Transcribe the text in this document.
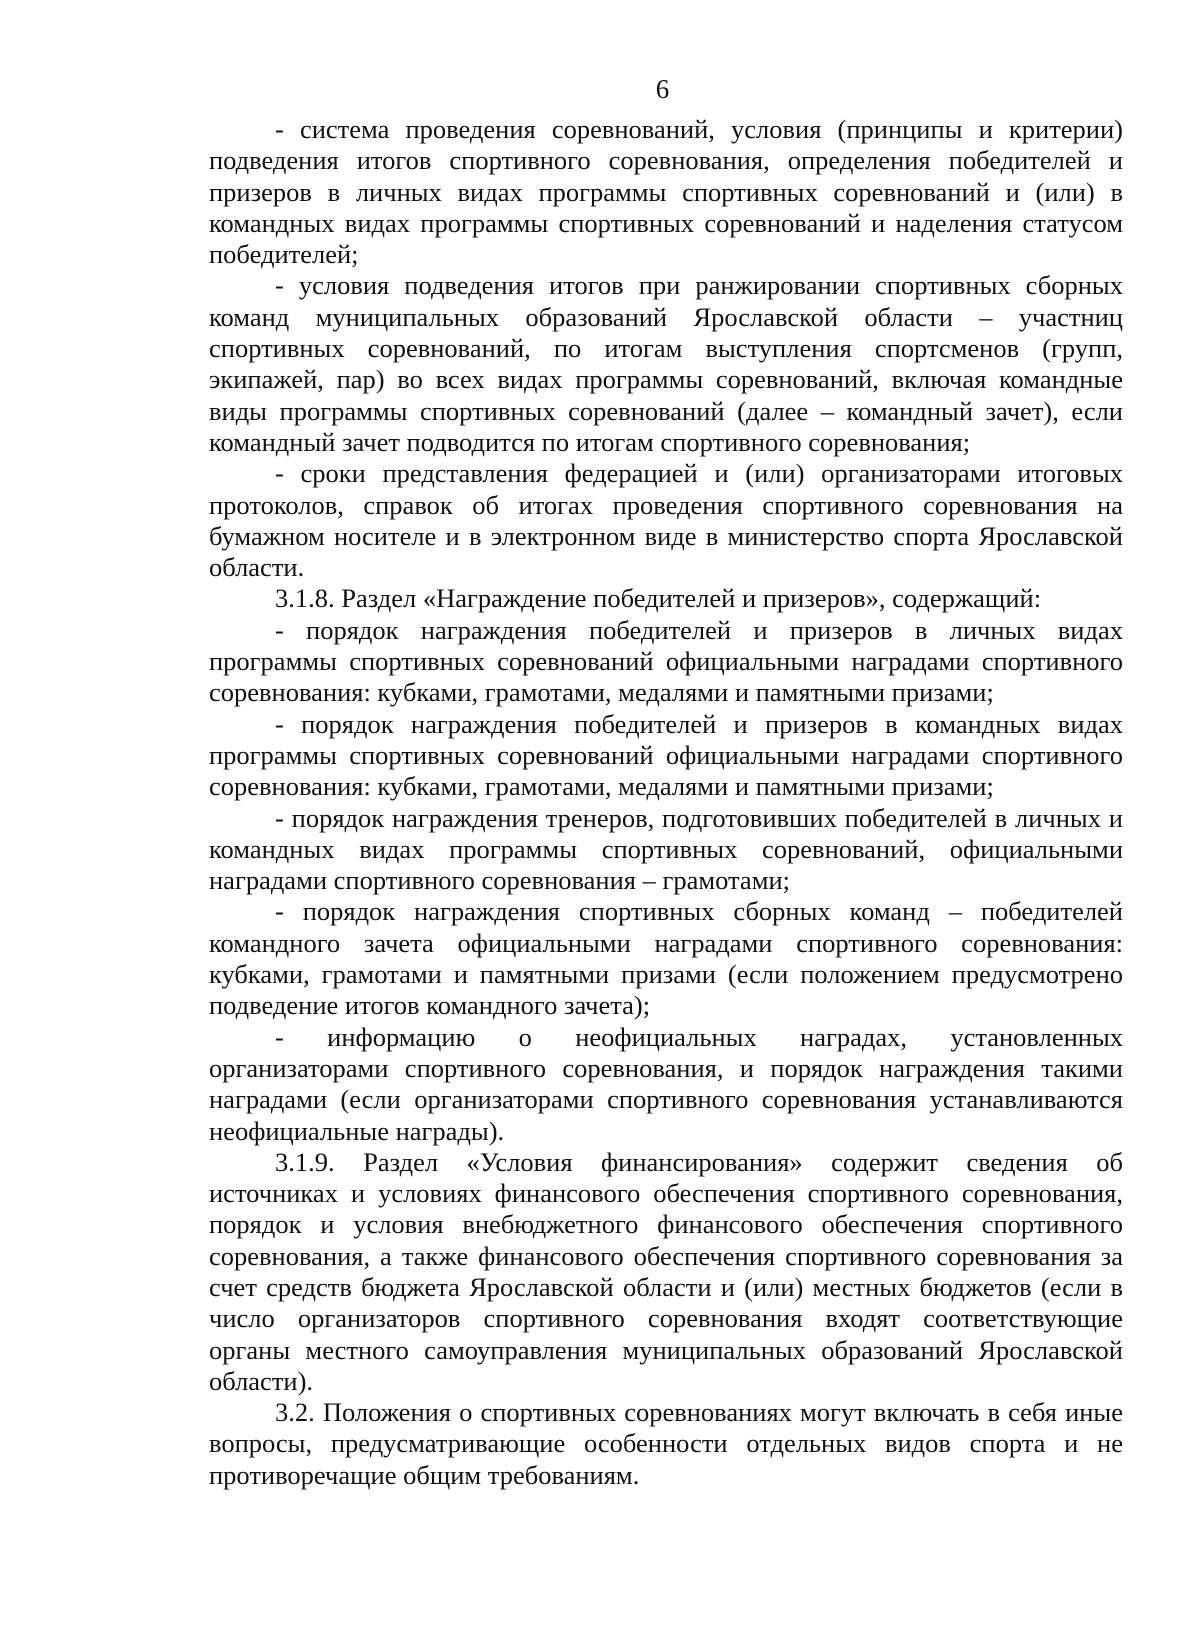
6

- система проведения соревнований, условия (принципы и критерии) подведения итогов спортивного соревнования, определения победителей и призеров в личных видах программы спортивных соревнований и (или) в командных видах программы спортивных соревнований и наделения статусом победителей;

- условия подведения итогов при ранжировании спортивных сборных команд муниципальных образований Ярославской области – участниц спортивных соревнований, по итогам выступления спортсменов (групп, экипажей, пар) во всех видах программы соревнований, включая командные виды программы спортивных соревнований (далее – командный зачет), если командный зачет подводится по итогам спортивного соревнования;

- сроки представления федерацией и (или) организаторами итоговых протоколов, справок об итогах проведения спортивного соревнования на бумажном носителе и в электронном виде в министерство спорта Ярославской области.

3.1.8. Раздел «Награждение победителей и призеров», содержащий:

- порядок награждения победителей и призеров в личных видах программы спортивных соревнований официальными наградами спортивного соревнования: кубками, грамотами, медалями и памятными призами;

- порядок награждения победителей и призеров в командных видах программы спортивных соревнований официальными наградами спортивного соревнования: кубками, грамотами, медалями и памятными призами;

- порядок награждения тренеров, подготовивших победителей в личных и командных видах программы спортивных соревнований, официальными наградами спортивного соревнования – грамотами;

- порядок награждения спортивных сборных команд – победителей командного зачета официальными наградами спортивного соревнования: кубками, грамотами и памятными призами (если положением предусмотрено подведение итогов командного зачета);

- информацию о неофициальных наградах, установленных организаторами спортивного соревнования, и порядок награждения такими наградами (если организаторами спортивного соревнования устанавливаются неофициальные награды).

3.1.9. Раздел «Условия финансирования» содержит сведения об источниках и условиях финансового обеспечения спортивного соревнования, порядок и условия внебюджетного финансового обеспечения спортивного соревнования, а также финансового обеспечения спортивного соревнования за счет средств бюджета Ярославской области и (или) местных бюджетов (если в число организаторов спортивного соревнования входят соответствующие органы местного самоуправления муниципальных образований Ярославской области).

3.2. Положения о спортивных соревнованиях могут включать в себя иные вопросы, предусматривающие особенности отдельных видов спорта и не противоречащие общим требованиям.
